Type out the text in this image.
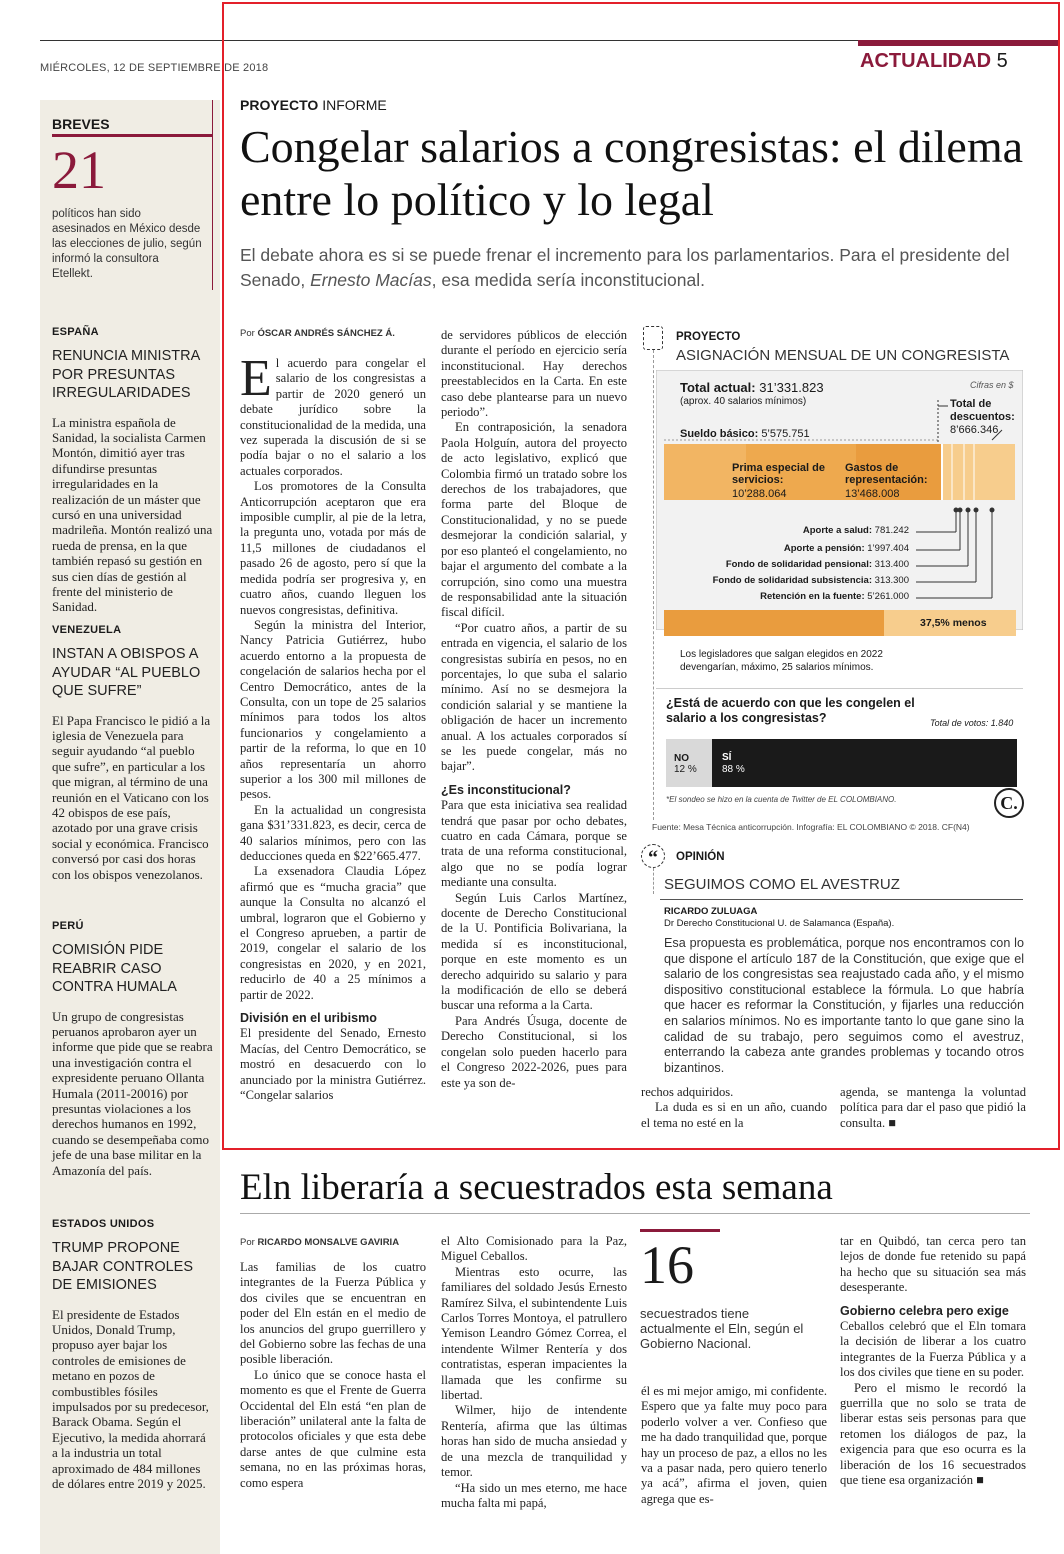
MIÉRCOLES, 12 DE SEPTIEMBRE DE 2018	ACTUALIDAD 5
BREVES
21
políticos han sido asesinados en México desde las elecciones de julio, según informó la consultora Etellekt.
ESPAÑA
RENUNCIA MINISTRA POR PRESUNTAS IRREGULARIDADES
La ministra española de Sanidad, la socialista Carmen Montón, dimitió ayer tras difundirse presuntas irregularidades en la realización de un máster que cursó en una universidad madrileña. Montón realizó una rueda de prensa, en la que también repasó su gestión en sus cien días de gestión al frente del ministerio de Sanidad.
VENEZUELA
INSTAN A OBISPOS A AYUDAR “AL PUEBLO QUE SUFRE”
El Papa Francisco le pidió a la iglesia de Venezuela para seguir ayudando “al pueblo que sufre”, en particular a los que migran, al término de una reunión en el Vaticano con los 42 obispos de ese país, azotado por una grave crisis social y económica. Francisco conversó por casi dos horas con los obispos venezolanos.
PERÚ
COMISIÓN PIDE REABRIR CASO CONTRA HUMALA
Un grupo de congresistas peruanos aprobaron ayer un informe que pide que se reabra una investigación contra el expresidente peruano Ollanta Humala (2011-20016) por presuntas violaciones a los derechos humanos en 1992, cuando se desempeñaba como jefe de una base militar en la Amazonía del país.
ESTADOS UNIDOS
TRUMP PROPONE BAJAR CONTROLES DE EMISIONES
El presidente de Estados Unidos, Donald Trump, propuso ayer bajar los controles de emisiones de metano en pozos de combustibles fósiles impulsados por su predecesor, Barack Obama. Según el Ejecutivo, la medida ahorrará a la industria un total aproximado de 484 millones de dólares entre 2019 y 2025.
PROYECTO INFORME
Congelar salarios a congresistas: el dilema entre lo político y lo legal
El debate ahora es si se puede frenar el incremento para los parlamentarios. Para el presidente del Senado, Ernesto Macías, esa medida sería inconstitucional.
Por ÓSCAR ANDRÉS SÁNCHEZ Á.

El acuerdo para congelar el salario de los congresistas a partir de 2020 generó un debate jurídico sobre la constitucionalidad de la medida, una vez superada la discusión de si se podía bajar o no el salario a los actuales corporados.

Los promotores de la Consulta Anticorrupción aceptaron que era imposible cumplir, al pie de la letra, la pregunta uno, votada por más de 11,5 millones de ciudadanos el pasado 26 de agosto, pero sí que la medida podría ser progresiva y, en cuatro años, cuando lleguen los nuevos congresistas, definitiva.

Según la ministra del Interior, Nancy Patricia Gutiérrez, hubo acuerdo entorno a la propuesta de congelación de salarios hecha por el Centro Democrático, antes de la Consulta, con un tope de 25 salarios mínimos para todos los altos funcionarios y congelamiento a partir de la reforma, lo que en 10 años representaría un ahorro superior a los 300 mil millones de pesos.

En la actualidad un congresista gana $31’331.823, es decir, cerca de 40 salarios mínimos, pero con las deducciones queda en $22’665.477.

La exsenadora Claudia López afirmó que es “mucha gracia” que aunque la Consulta no alcanzó el umbral, lograron que el Gobierno y el Congreso aprueben, a partir de 2019, congelar el salario de los congresistas en 2020, y en 2021, reducirlo de 40 a 25 mínimos a partir de 2022.

División en el uribismo

El presidente del Senado, Ernesto Macías, del Centro Democrático, se mostró en desacuerdo con lo anunciado por la ministra Gutiérrez. “Congelar salarios

de servidores públicos de elección durante el período en ejercicio sería inconstitucional. Hay derechos preestablecidos en la Carta. En este caso debe plantearse para un nuevo periodo”.

En contraposición, la senadora Paola Holguín, autora del proyecto de acto legislativo, explicó que Colombia firmó un tratado sobre los derechos de los trabajadores, que forma parte del Bloque de Constitucionalidad, y no se puede desmejorar la condición salarial, y por eso planteó el congelamiento, no bajar el argumento del combate a la corrupción, sino como una muestra de responsabilidad ante la situación fiscal difícil.

“Por cuatro años, a partir de su entrada en vigencia, el salario de los congresistas subiría en pesos, no en porcentajes, lo que suba el salario mínimo. Así no se desmejora la condición salarial y se mantiene la obligación de hacer un incremento anual. A los actuales corporados sí se les puede congelar, más no bajar”.

¿Es inconstitucional?

Para que esta iniciativa sea realidad tendrá que pasar por ocho debates, cuatro en cada Cámara, porque se trata de una reforma constitucional, algo que no se podía lograr mediante una consulta.

Según Luis Carlos Martínez, docente de Derecho Constitucional de la U. Pontificia Bolivariana, la medida sí es inconstitucional, porque en este momento es un derecho adquirido su salario y para la modificación de ello se deberá buscar una reforma a la Carta.

Para Andrés Úsuga, docente de Derecho Constitucional, si los congelan solo pueden hacerlo para el Congreso 2022-2026, pues para este ya son de-

rechos adquiridos.

La duda es si en un año, cuando el tema no esté en la

agenda, se mantenga la voluntad política para dar el paso que pidió la consulta. ■

PROYECTO
ASIGNACIÓN MENSUAL DE UN CONGRESISTA
Cifras en $
Total actual: 31’331.823
(aprox. 40 salarios mínimos)	Total de descuentos:
8’666.346
Sueldo básico: 5’575.751
Prima especial de servicios:
10’288.064
Gastos de representación:
13’468.008
Aporte a salud: 781.242
Aporte a pensión: 1’997.404
Fondo de solidaridad pensional: 313.400
Fondo de solidaridad subsistencia: 313.300
Retención en la fuente: 5’261.000
37,5% menos
Los legisladores que salgan elegidos en 2022 devengarían, máximo, 25 salarios mínimos.
¿Está de acuerdo con que les congelen el salario a los congresistas?	Total de votos: 1.840
NO
12 %
SÍ
88 %
*El sondeo se hizo en la cuenta de Twitter de EL COLOMBIANO.	C.
Fuente: Mesa Técnica anticorrupción. Infografía: EL COLOMBIANO © 2018. CF(N4)
“	OPINIÓN
SEGUIMOS COMO EL AVESTRUZ
RICARDO ZULUAGA
Dr Derecho Constitucional U. de Salamanca (España).
Esa propuesta es problemática, porque nos encontramos con lo que dispone el artículo 187 de la Constitución, que exige que el salario de los congresistas sea reajustado cada año, y el mismo dispositivo constitucional establece la fórmula. Lo que habría que hacer es reformar la Constitución, y fijarles una reducción en salarios mínimos. No es importante tanto lo que gane sino la calidad de su trabajo, pero seguimos como el avestruz, enterrando la cabeza ante grandes problemas y tocando otros bizantinos.
Eln liberaría a secuestrados esta semana
Por RICARDO MONSALVE GAVIRIA

Las familias de los cuatro integrantes de la Fuerza Pública y dos civiles que se encuentran en poder del Eln están en el medio de los anuncios del grupo guerrillero y del Gobierno sobre las fechas de una posible liberación.

Lo único que se conoce hasta el momento es que el Frente de Guerra Occidental del Eln está “en plan de liberación” unilateral ante la falta de protocolos oficiales y que esta debe darse antes de que culmine esta semana, no en las próximas horas, como espera

el Alto Comisionado para la Paz, Miguel Ceballos.

Mientras esto ocurre, las familiares del soldado Jesús Ernesto Ramírez Silva, el subintendente Luis Carlos Torres Montoya, el patrullero Yemison Leandro Gómez Correa, el intendente Wilmer Rentería y dos contratistas, esperan impacientes la llamada que les confirme su libertad.

Wilmer, hijo de intendente Rentería, afirma que las últimas horas han sido de mucha ansiedad y de una mezcla de tranquilidad y temor.

“Ha sido un mes eterno, me hace mucha falta mi papá,

16
secuestrados tiene actualmente el Eln, según el Gobierno Nacional.

él es mi mejor amigo, mi confidente. Espero que ya falte muy poco para poderlo volver a ver. Confieso que me ha dado tranquilidad que, porque hay un proceso de paz, a ellos no les va a pasar nada, pero quiero tenerlo ya acá”, afirma el joven, quien agrega que es-

tar en Quibdó, tan cerca pero tan lejos de donde fue retenido su papá ha hecho que su situación sea más desesperante.

Gobierno celebra pero exige

Ceballos celebró que el Eln tomara la decisión de liberar a los cuatro integrantes de la Fuerza Pública y a los dos civiles que tiene en su poder.

Pero el mismo le recordó la guerrilla que no solo se trata de liberar estas seis personas para que retomen los diálogos de paz, la exigencia para que eso ocurra es la liberación de los 16 secuestrados que tiene esa organización ■
